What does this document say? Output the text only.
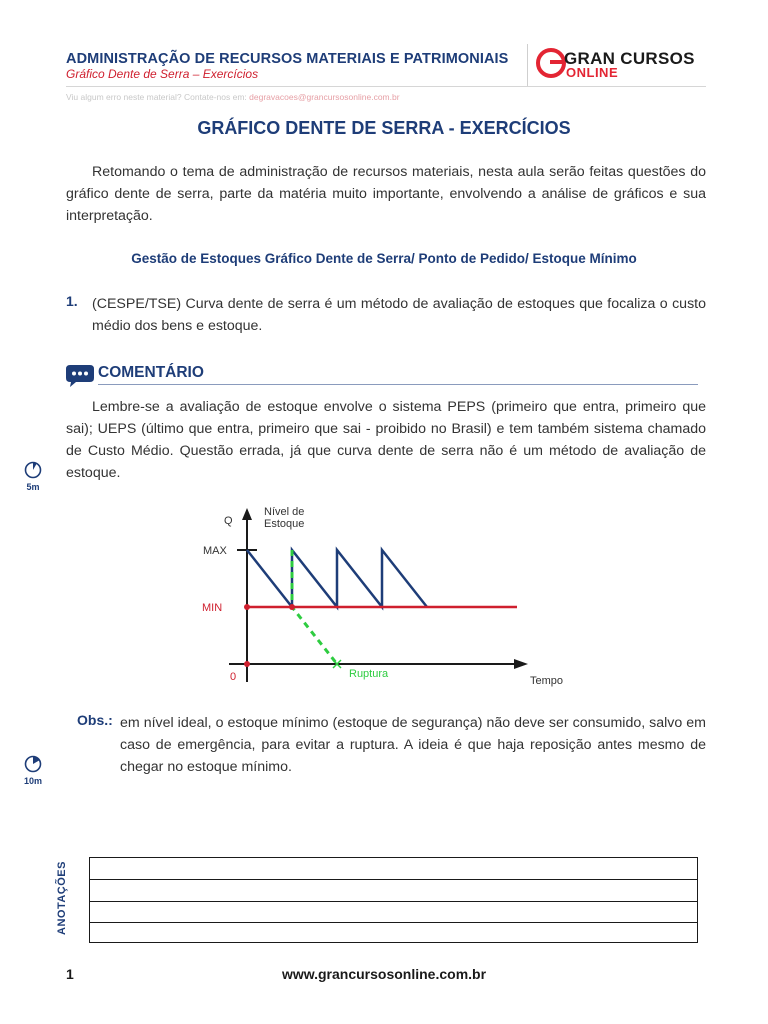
ADMINISTRAÇÃO DE RECURSOS MATERIAIS E PATRIMONIAIS
Gráfico Dente de Serra – Exercícios
GRAN CURSOS
ONLINE
Viu algum erro neste material? Contate-nos em: degravacoes@grancursosonline.com.br
GRÁFICO DENTE DE SERRA - EXERCÍCIOS
Retomando o tema de administração de recursos materiais, nesta aula serão feitas questões do gráfico dente de serra, parte da matéria muito importante, envolvendo a análise de gráficos e sua interpretação.
Gestão de Estoques Gráfico Dente de Serra/ Ponto de Pedido/ Estoque Mínimo
1. (CESPE/TSE) Curva dente de serra é um método de avaliação de estoques que focaliza o custo médio dos bens e estoque.
COMENTÁRIO
Lembre-se a avaliação de estoque envolve o sistema PEPS (primeiro que entra, primeiro que sai); UEPS (último que entra, primeiro que sai - proibido no Brasil) e tem também sistema chamado de Custo Médio. Questão errada, já que curva dente de serra não é um método de avaliação de estoque.
5m
10m
Q
Nível de
Estoque
MAX
MIN
0	Tempo
Ruptura
Obs.: em nível ideal, o estoque mínimo (estoque de segurança) não deve ser consumido, salvo em caso de emergência, para evitar a ruptura. A ideia é que haja reposição antes mesmo de chegar no estoque mínimo.
ANOTAÇÕES
1	www.grancursosonline.com.br
